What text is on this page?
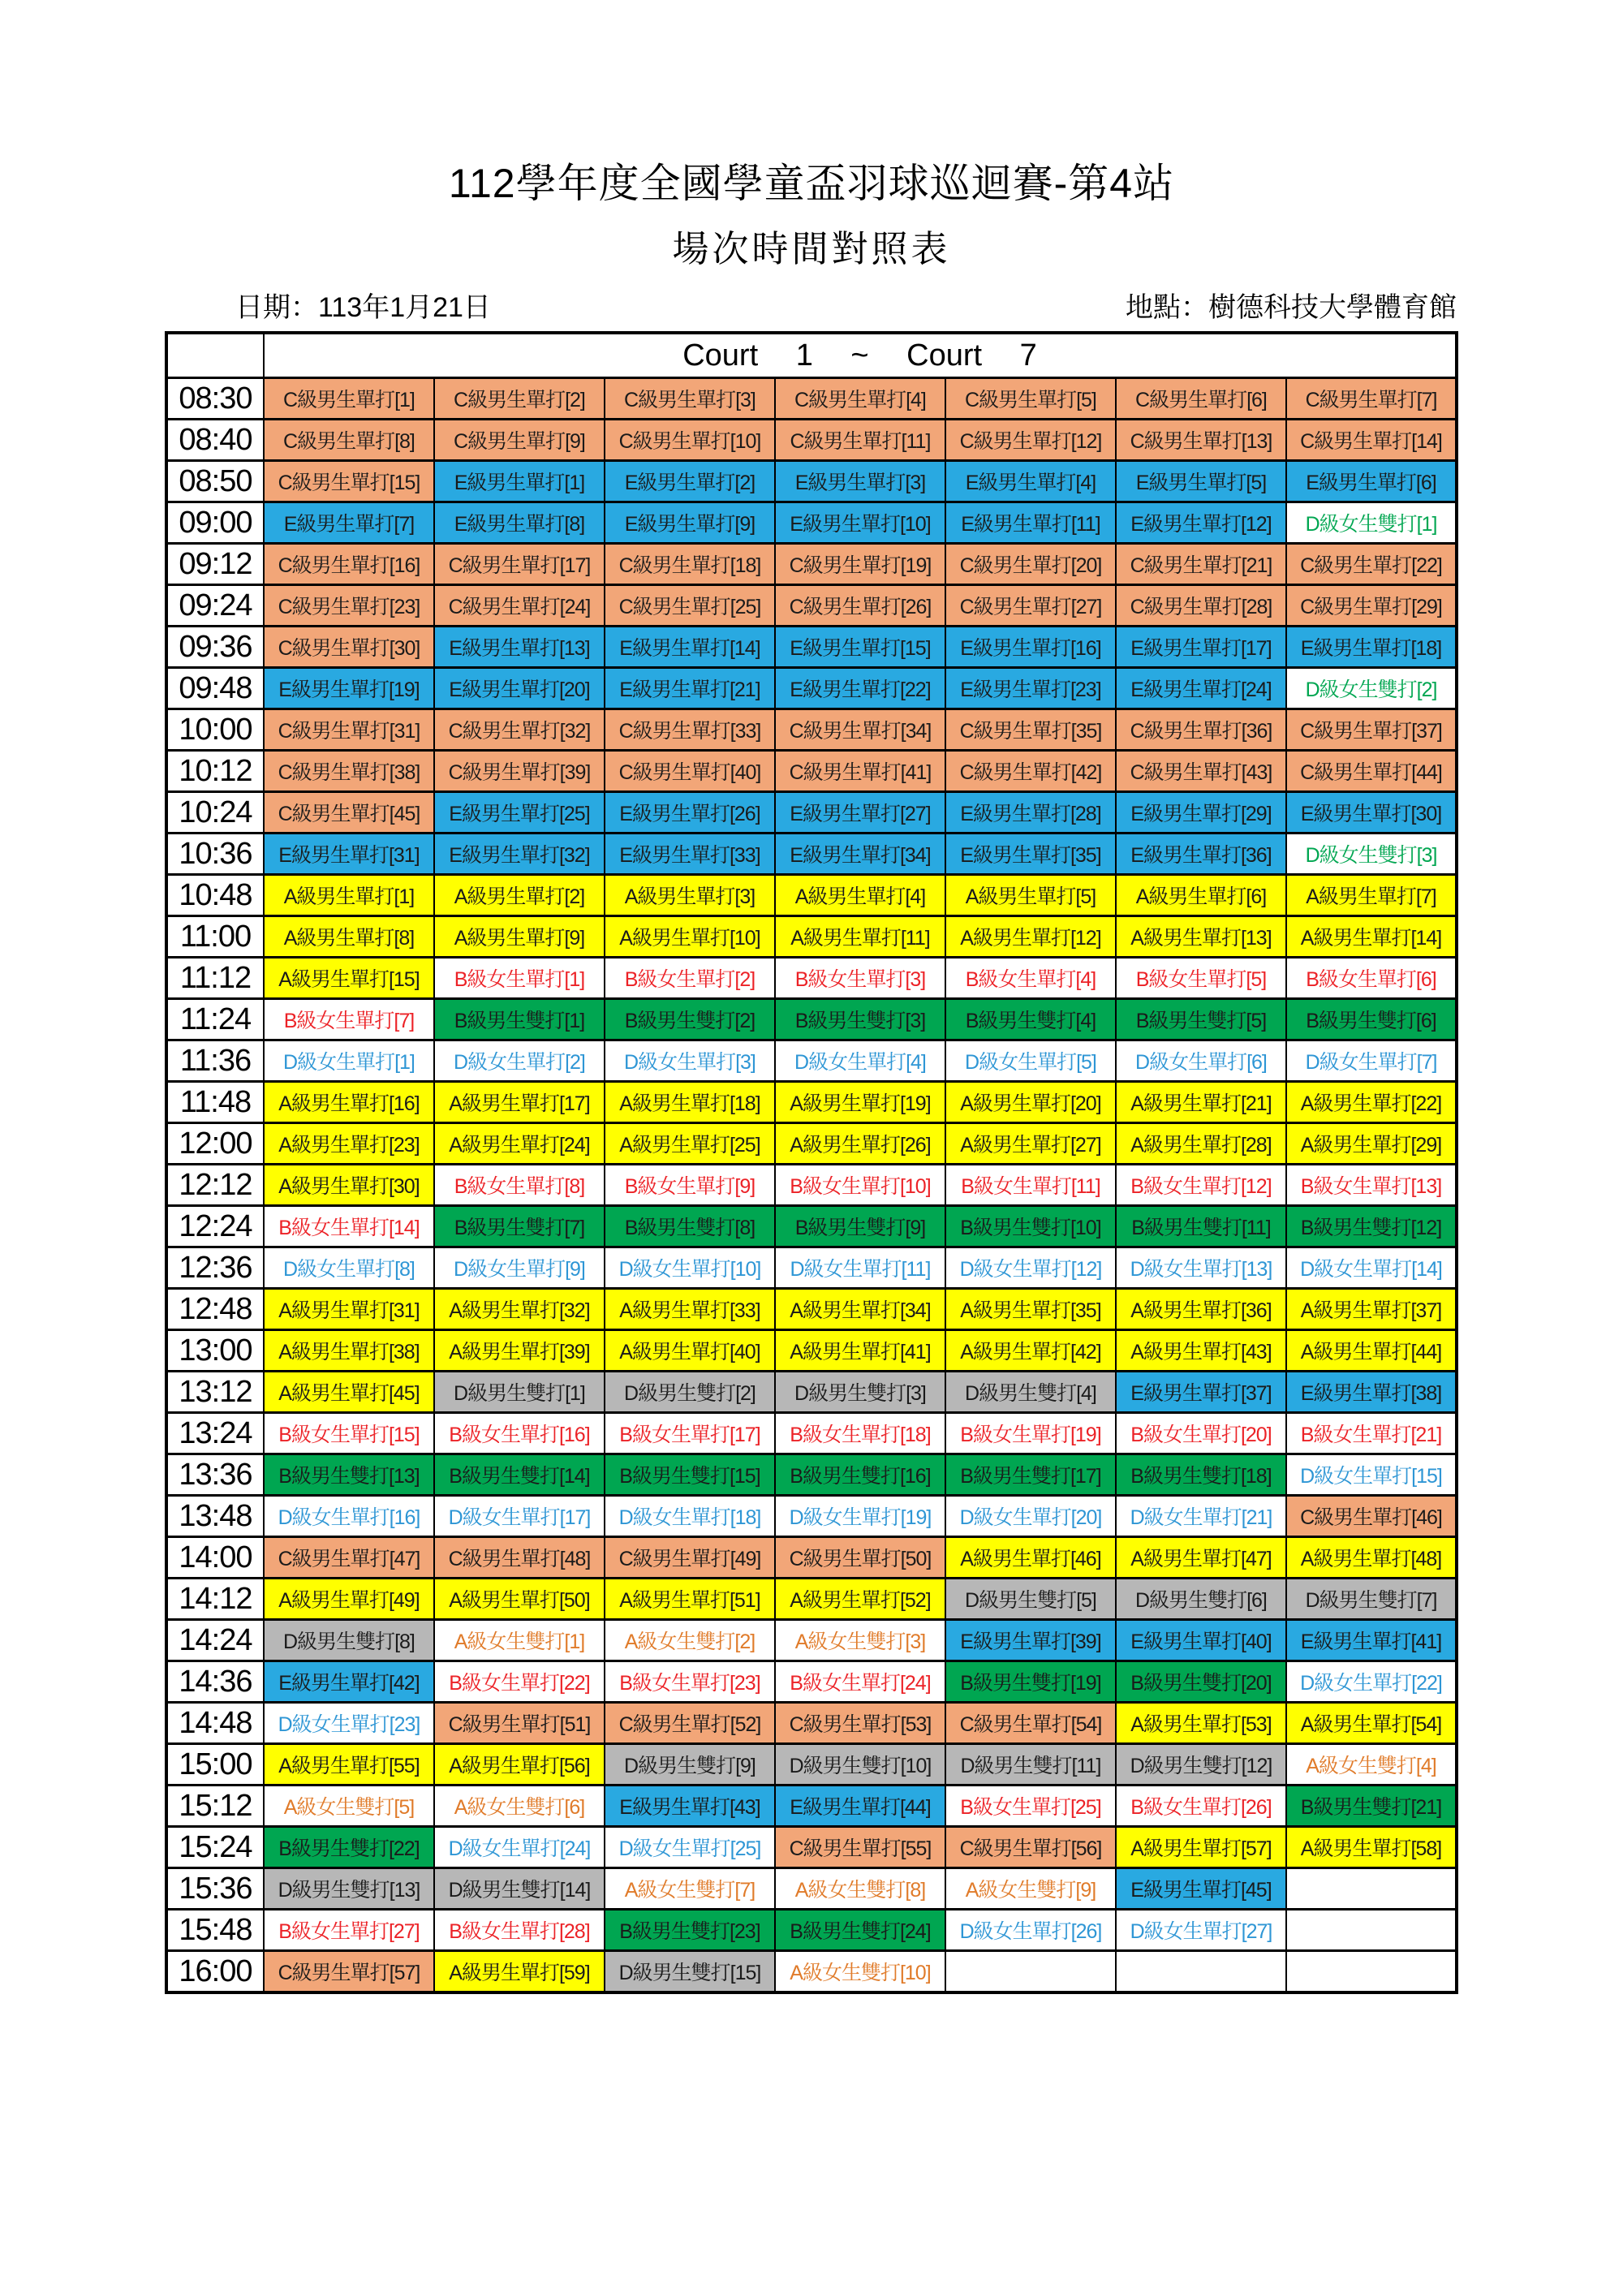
112學年度全國學童盃羽球巡迴賽-第4站
場次時間對照表
日期：113年1月21日	地點：樹德科技大學體育館
	Court 1 ~ Court 7						
08:30	C級男生單打[1]	C級男生單打[2]	C級男生單打[3]	C級男生單打[4]	C級男生單打[5]	C級男生單打[6]	C級男生單打[7]
08:40	C級男生單打[8]	C級男生單打[9]	C級男生單打[10]	C級男生單打[11]	C級男生單打[12]	C級男生單打[13]	C級男生單打[14]
08:50	C級男生單打[15]	E級男生單打[1]	E級男生單打[2]	E級男生單打[3]	E級男生單打[4]	E級男生單打[5]	E級男生單打[6]
09:00	E級男生單打[7]	E級男生單打[8]	E級男生單打[9]	E級男生單打[10]	E級男生單打[11]	E級男生單打[12]	D級女生雙打[1]
09:12	C級男生單打[16]	C級男生單打[17]	C級男生單打[18]	C級男生單打[19]	C級男生單打[20]	C級男生單打[21]	C級男生單打[22]
09:24	C級男生單打[23]	C級男生單打[24]	C級男生單打[25]	C級男生單打[26]	C級男生單打[27]	C級男生單打[28]	C級男生單打[29]
09:36	C級男生單打[30]	E級男生單打[13]	E級男生單打[14]	E級男生單打[15]	E級男生單打[16]	E級男生單打[17]	E級男生單打[18]
09:48	E級男生單打[19]	E級男生單打[20]	E級男生單打[21]	E級男生單打[22]	E級男生單打[23]	E級男生單打[24]	D級女生雙打[2]
10:00	C級男生單打[31]	C級男生單打[32]	C級男生單打[33]	C級男生單打[34]	C級男生單打[35]	C級男生單打[36]	C級男生單打[37]
10:12	C級男生單打[38]	C級男生單打[39]	C級男生單打[40]	C級男生單打[41]	C級男生單打[42]	C級男生單打[43]	C級男生單打[44]
10:24	C級男生單打[45]	E級男生單打[25]	E級男生單打[26]	E級男生單打[27]	E級男生單打[28]	E級男生單打[29]	E級男生單打[30]
10:36	E級男生單打[31]	E級男生單打[32]	E級男生單打[33]	E級男生單打[34]	E級男生單打[35]	E級男生單打[36]	D級女生雙打[3]
10:48	A級男生單打[1]	A級男生單打[2]	A級男生單打[3]	A級男生單打[4]	A級男生單打[5]	A級男生單打[6]	A級男生單打[7]
11:00	A級男生單打[8]	A級男生單打[9]	A級男生單打[10]	A級男生單打[11]	A級男生單打[12]	A級男生單打[13]	A級男生單打[14]
11:12	A級男生單打[15]	B級女生單打[1]	B級女生單打[2]	B級女生單打[3]	B級女生單打[4]	B級女生單打[5]	B級女生單打[6]
11:24	B級女生單打[7]	B級男生雙打[1]	B級男生雙打[2]	B級男生雙打[3]	B級男生雙打[4]	B級男生雙打[5]	B級男生雙打[6]
11:36	D級女生單打[1]	D級女生單打[2]	D級女生單打[3]	D級女生單打[4]	D級女生單打[5]	D級女生單打[6]	D級女生單打[7]
11:48	A級男生單打[16]	A級男生單打[17]	A級男生單打[18]	A級男生單打[19]	A級男生單打[20]	A級男生單打[21]	A級男生單打[22]
12:00	A級男生單打[23]	A級男生單打[24]	A級男生單打[25]	A級男生單打[26]	A級男生單打[27]	A級男生單打[28]	A級男生單打[29]
12:12	A級男生單打[30]	B級女生單打[8]	B級女生單打[9]	B級女生單打[10]	B級女生單打[11]	B級女生單打[12]	B級女生單打[13]
12:24	B級女生單打[14]	B級男生雙打[7]	B級男生雙打[8]	B級男生雙打[9]	B級男生雙打[10]	B級男生雙打[11]	B級男生雙打[12]
12:36	D級女生單打[8]	D級女生單打[9]	D級女生單打[10]	D級女生單打[11]	D級女生單打[12]	D級女生單打[13]	D級女生單打[14]
12:48	A級男生單打[31]	A級男生單打[32]	A級男生單打[33]	A級男生單打[34]	A級男生單打[35]	A級男生單打[36]	A級男生單打[37]
13:00	A級男生單打[38]	A級男生單打[39]	A級男生單打[40]	A級男生單打[41]	A級男生單打[42]	A級男生單打[43]	A級男生單打[44]
13:12	A級男生單打[45]	D級男生雙打[1]	D級男生雙打[2]	D級男生雙打[3]	D級男生雙打[4]	E級男生單打[37]	E級男生單打[38]
13:24	B級女生單打[15]	B級女生單打[16]	B級女生單打[17]	B級女生單打[18]	B級女生單打[19]	B級女生單打[20]	B級女生單打[21]
13:36	B級男生雙打[13]	B級男生雙打[14]	B級男生雙打[15]	B級男生雙打[16]	B級男生雙打[17]	B級男生雙打[18]	D級女生單打[15]
13:48	D級女生單打[16]	D級女生單打[17]	D級女生單打[18]	D級女生單打[19]	D級女生單打[20]	D級女生單打[21]	C級男生單打[46]
14:00	C級男生單打[47]	C級男生單打[48]	C級男生單打[49]	C級男生單打[50]	A級男生單打[46]	A級男生單打[47]	A級男生單打[48]
14:12	A級男生單打[49]	A級男生單打[50]	A級男生單打[51]	A級男生單打[52]	D級男生雙打[5]	D級男生雙打[6]	D級男生雙打[7]
14:24	D級男生雙打[8]	A級女生雙打[1]	A級女生雙打[2]	A級女生雙打[3]	E級男生單打[39]	E級男生單打[40]	E級男生單打[41]
14:36	E級男生單打[42]	B級女生單打[22]	B級女生單打[23]	B級女生單打[24]	B級男生雙打[19]	B級男生雙打[20]	D級女生單打[22]
14:48	D級女生單打[23]	C級男生單打[51]	C級男生單打[52]	C級男生單打[53]	C級男生單打[54]	A級男生單打[53]	A級男生單打[54]
15:00	A級男生單打[55]	A級男生單打[56]	D級男生雙打[9]	D級男生雙打[10]	D級男生雙打[11]	D級男生雙打[12]	A級女生雙打[4]
15:12	A級女生雙打[5]	A級女生雙打[6]	E級男生單打[43]	E級男生單打[44]	B級女生單打[25]	B級女生單打[26]	B級男生雙打[21]
15:24	B級男生雙打[22]	D級女生單打[24]	D級女生單打[25]	C級男生單打[55]	C級男生單打[56]	A級男生單打[57]	A級男生單打[58]
15:36	D級男生雙打[13]	D級男生雙打[14]	A級女生雙打[7]	A級女生雙打[8]	A級女生雙打[9]	E級男生單打[45]	
15:48	B級女生單打[27]	B級女生單打[28]	B級男生雙打[23]	B級男生雙打[24]	D級女生單打[26]	D級女生單打[27]	
16:00	C級男生單打[57]	A級男生單打[59]	D級男生雙打[15]	A級女生雙打[10]			
